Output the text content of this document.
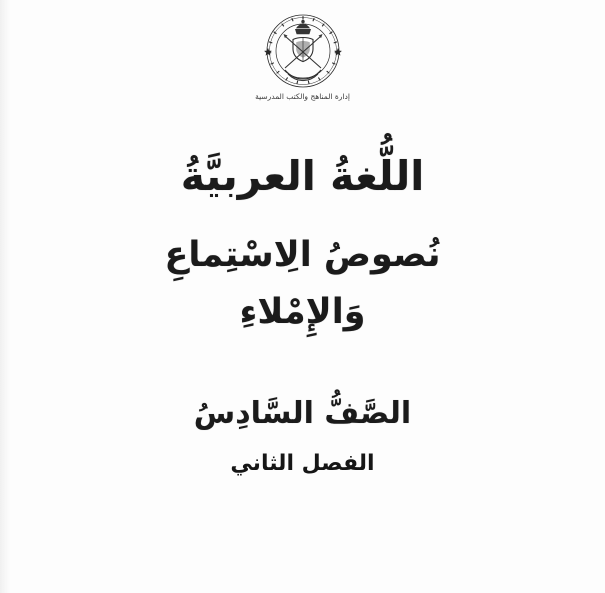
إدارة المناهج والكتب المدرسية
اللُّغةُ العربيَّةُ
نُصوصُ الِاسْتِماعِ
وَالإِمْلاءِ
الصَّفُّ السَّادِسُ
الفصل الثاني
